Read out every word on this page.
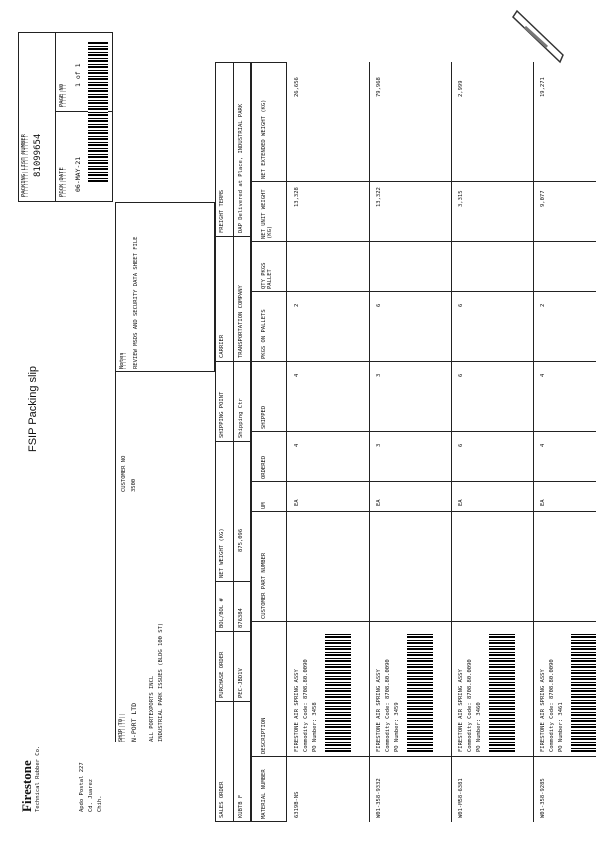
FSIP Packing slip
Firestone Technical Rubber Co.	Apdo Postal 227 Cd. Juarez Chih.
SHIP TO N-PORT LTD ALL PORTEXPORTS INCL INDUSTRIAL PARK ISSUES (BLDG 100 ST)
CUSTOMER NO 3500
Notes REVIEW MSDS AND SECURITY DATA SHEET FILE
PACKING LIST NUMBER 81099654
PICK DATE
PAGE NO
06-MAY-21
1 of 1
SALES ORDER
PURCHASE ORDER
BOL/BOL #
NET WEIGHT (KG)
SHIPPING POINT
CARRIER
FREIGHT TERMS
KUBTB F
PEC-JBD1V
876384
875,096
Shipping Ctr
TRANSPORTATION COMPANY
DAP Delivered at Place, INDUSTRIAL PARK
MATERIAL NUMBER
DESCRIPTION
CUSTOMER PART NUMBER
UM
ORDERED
SHIPPED
PKGS ON PALLETS
QTY PKGS PALLET
NET UNIT WEIGHT (KG)
NET EXTENDED WEIGHT (KG)
6319B-NS
FIRESTONE AIR SPRING ASSY Commodity Code: 8708.80.0090 PO Number: 3458
EA
4
4
2
13,328
26,656
W01-358-9332
FIRESTONE AIR SPRING ASSY Commodity Code: 8708.80.0090 PO Number: 3459
EA
3
3
6
13,322
79,968
W01-M58-6381
FIRESTONE AIR SPRING ASSY Commodity Code: 8708.80.0090 PO Number: 3460
EA
6
6
6
3,315
2,999
W01-358-9285
FIRESTONE AIR SPRING ASSY Commodity Code: 8708.80.0090 PO Number: 3461
EA
4
4
2
9,077
19,271
